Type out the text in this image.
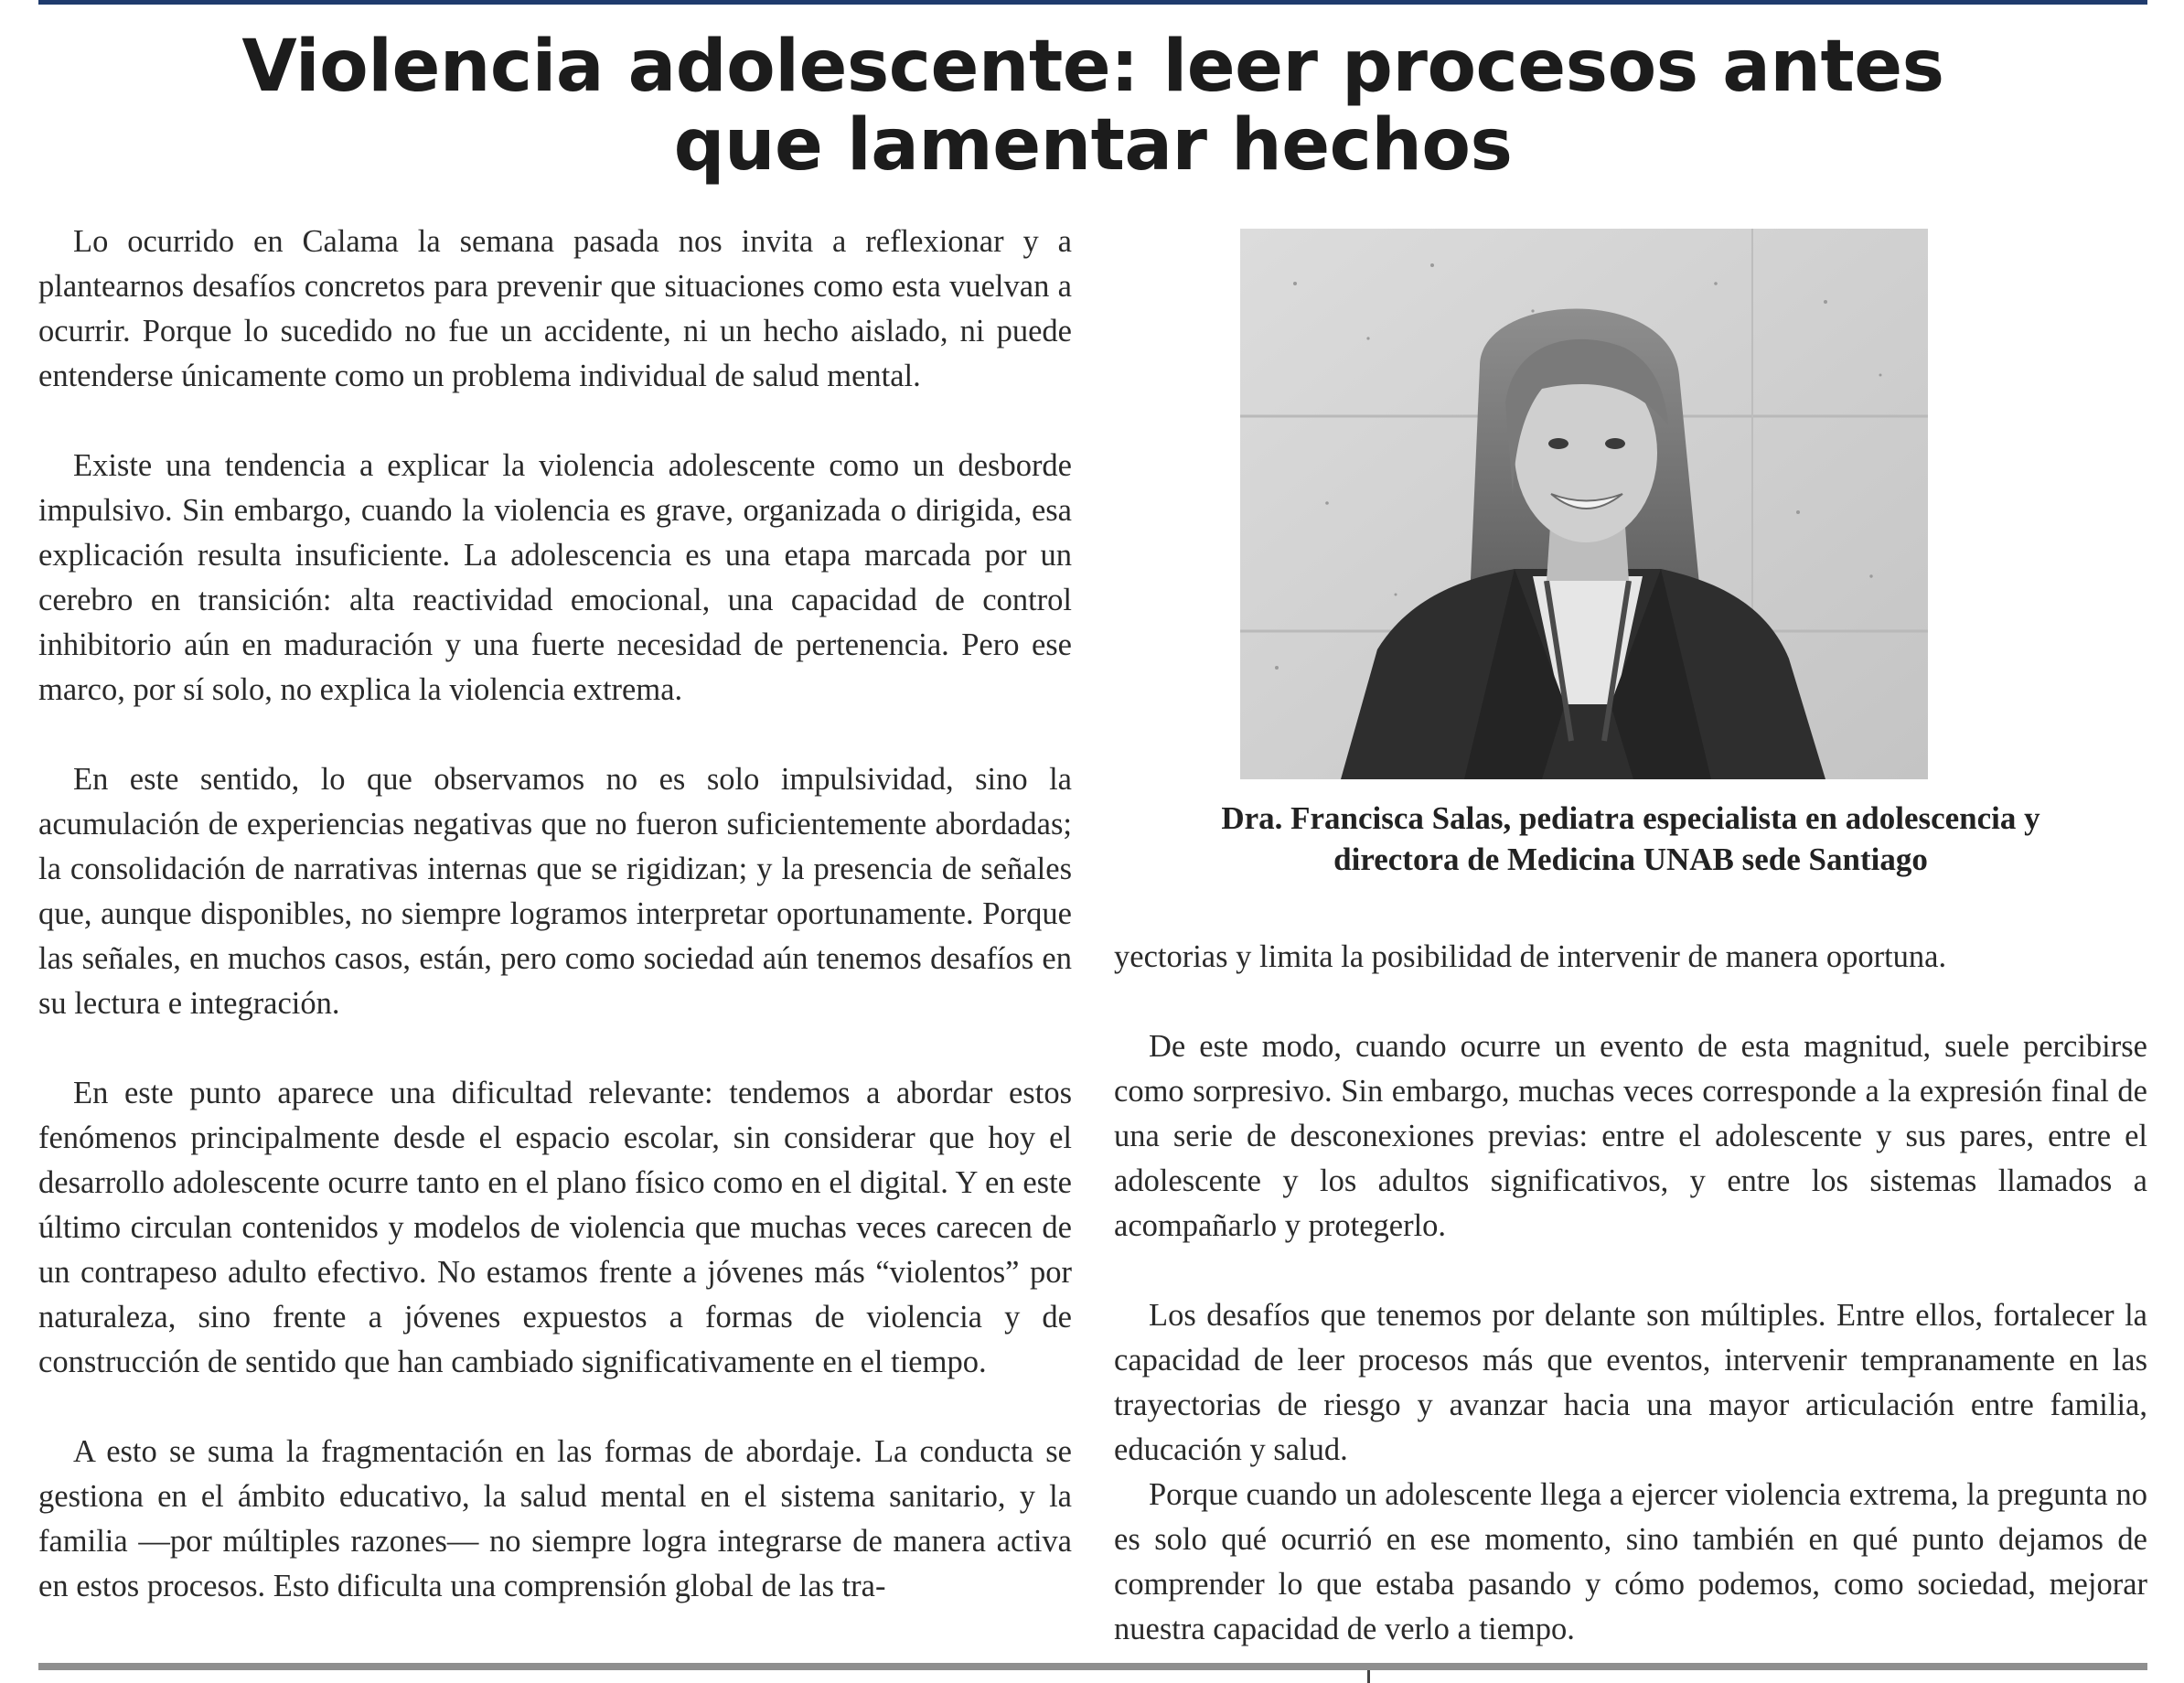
Violencia adolescente: leer procesos antes
que lamentar hechos

Lo ocurrido en Calama la semana pasada nos invita a reflexionar y a plantearnos desafíos concretos para prevenir que situaciones como esta vuelvan a ocurrir. Porque lo sucedido no fue un accidente, ni un hecho aislado, ni puede entenderse únicamente como un problema individual de salud mental.

Existe una tendencia a explicar la violencia adolescente como un desborde impulsivo. Sin embargo, cuando la violencia es grave, organizada o dirigida, esa explicación resulta insuficiente. La adolescencia es una etapa marcada por un cerebro en transición: alta reactividad emocional, una capacidad de control inhibitorio aún en maduración y una fuerte necesidad de pertenencia. Pero ese marco, por sí solo, no explica la violencia extrema.

En este sentido, lo que observamos no es solo impulsividad, sino la acumulación de experiencias negativas que no fueron suficientemente abordadas; la consolidación de narrativas internas que se rigidizan; y la presencia de señales que, aunque disponibles, no siempre logramos interpretar oportunamente. Porque las señales, en muchos casos, están, pero como sociedad aún tenemos desafíos en su lectura e integración.

En este punto aparece una dificultad relevante: tendemos a abordar estos fenómenos principalmente desde el espacio escolar, sin considerar que hoy el desarrollo adolescente ocurre tanto en el plano físico como en el digital. Y en este último circulan contenidos y modelos de violencia que muchas veces carecen de un contrapeso adulto efectivo. No estamos frente a jóvenes más “violentos” por naturaleza, sino frente a jóvenes expuestos a formas de violencia y de construcción de sentido que han cambiado significativamente en el tiempo.

A esto se suma la fragmentación en las formas de abordaje. La conducta se gestiona en el ámbito educativo, la salud mental en el sistema sanitario, y la familia —por múltiples razones— no siempre logra integrarse de manera activa en estos procesos. Esto dificulta una comprensión global de las tra-

Dra. Francisca Salas, pediatra especialista en adolescencia y
directora de Medicina UNAB sede Santiago

yectorias y limita la posibilidad de intervenir de manera oportuna.

De este modo, cuando ocurre un evento de esta magnitud, suele percibirse como sorpresivo. Sin embargo, muchas veces corresponde a la expresión final de una serie de desconexiones previas: entre el adolescente y sus pares, entre el adolescente y los adultos significativos, y entre los sistemas llamados a acompañarlo y protegerlo.

Los desafíos que tenemos por delante son múltiples. Entre ellos, fortalecer la capacidad de leer procesos más que eventos, intervenir tempranamente en las trayectorias de riesgo y avanzar hacia una mayor articulación entre familia, educación y salud.

Porque cuando un adolescente llega a ejercer violencia extrema, la pregunta no es solo qué ocurrió en ese momento, sino también en qué punto dejamos de comprender lo que estaba pasando y cómo podemos, como sociedad, mejorar nuestra capacidad de verlo a tiempo.
